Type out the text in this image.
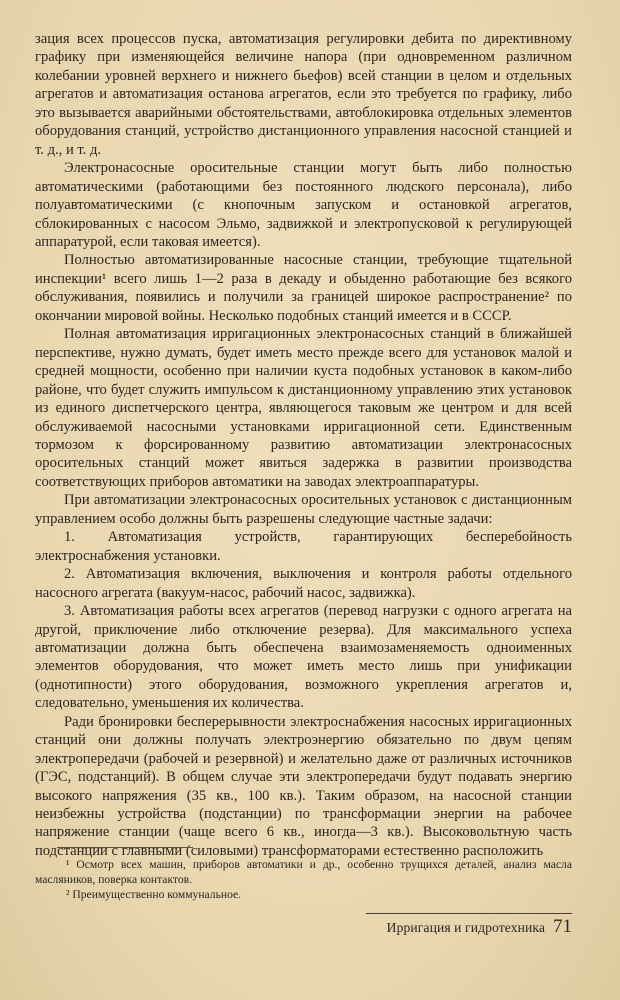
зация всех процессов пуска, автоматизация регулировки дебита по директивному графику при изменяющейся величине напора (при одновременном различном колебании уровней верхнего и нижнего бьефов) всей станции в целом и отдельных агрегатов и автоматизация останова агрегатов, если это требуется по графику, либо это вызывается аварийными обстоятельствами, автоблокировка отдельных элементов оборудования станций, устройство дистанционного управления насосной станцией и т. д., и т. д.

Электронасосные оросительные станции могут быть либо полностью автоматическими (работающими без постоянного людского персонала), либо полуавтоматическими (с кнопочным запуском и остановкой агрегатов, сблокированных с насосом Эльмо, задвижкой и электропусковой к регулирующей аппаратурой, если таковая имеется).

Полностью автоматизированные насосные станции, требующие тщательной инспекции¹ всего лишь 1—2 раза в декаду и обыденно работающие без всякого обслуживания, появились и получили за границей широкое распространение² по окончании мировой войны. Несколько подобных станций имеется и в СССР.

Полная автоматизация ирригационных электронасосных станций в ближайшей перспективе, нужно думать, будет иметь место прежде всего для установок малой и средней мощности, особенно при наличии куста подобных установок в каком-либо районе, что будет служить импульсом к дистанционному управлению этих установок из единого диспетчерского центра, являющегося таковым же центром и для всей обслуживаемой насосными установками ирригационной сети. Единственным тормозом к форсированному развитию автоматизации электронасосных оросительных станций может явиться задержка в развитии производства соответствующих приборов автоматики на заводах электроаппаратуры.

При автоматизации электронасосных оросительных установок с дистанционным управлением особо должны быть разрешены следующие частные задачи:

1. Автоматизация устройств, гарантирующих бесперебойность электроснабжения установки.

2. Автоматизация включения, выключения и контроля работы отдельного насосного агрегата (вакуум-насос, рабочий насос, задвижка).

3. Автоматизация работы всех агрегатов (перевод нагрузки с одного агрегата на другой, приключение либо отключение резерва). Для максимального успеха автоматизации должна быть обеспечена взаимозаменяемость одноименных элементов оборудования, что может иметь место лишь при унификации (однотипности) этого оборудования, возможного укрепления агрегатов и, следовательно, уменьшения их количества.

Ради бронировки бесперерывности электроснабжения насосных ирригационных станций они должны получать электроэнергию обязательно по двум цепям электропередачи (рабочей и резервной) и желательно даже от различных источников (ГЭС, подстанций). В общем случае эти электропередачи будут подавать энергию высокого напряжения (35 кв., 100 кв.). Таким образом, на насосной станции неизбежны устройства (подстанции) по трансформации энергии на рабочее напряжение станции (чаще всего 6 кв., иногда—3 кв.). Высоковольтную часть подстанции с главными (силовыми) трансформаторами естественно расположить

¹ Осмотр всех машин, приборов автоматики и др., особенно трущихся деталей, анализ масла масляников, поверка контактов.

² Преимущественно коммунальное.

Ирригация и гидротехника 71
